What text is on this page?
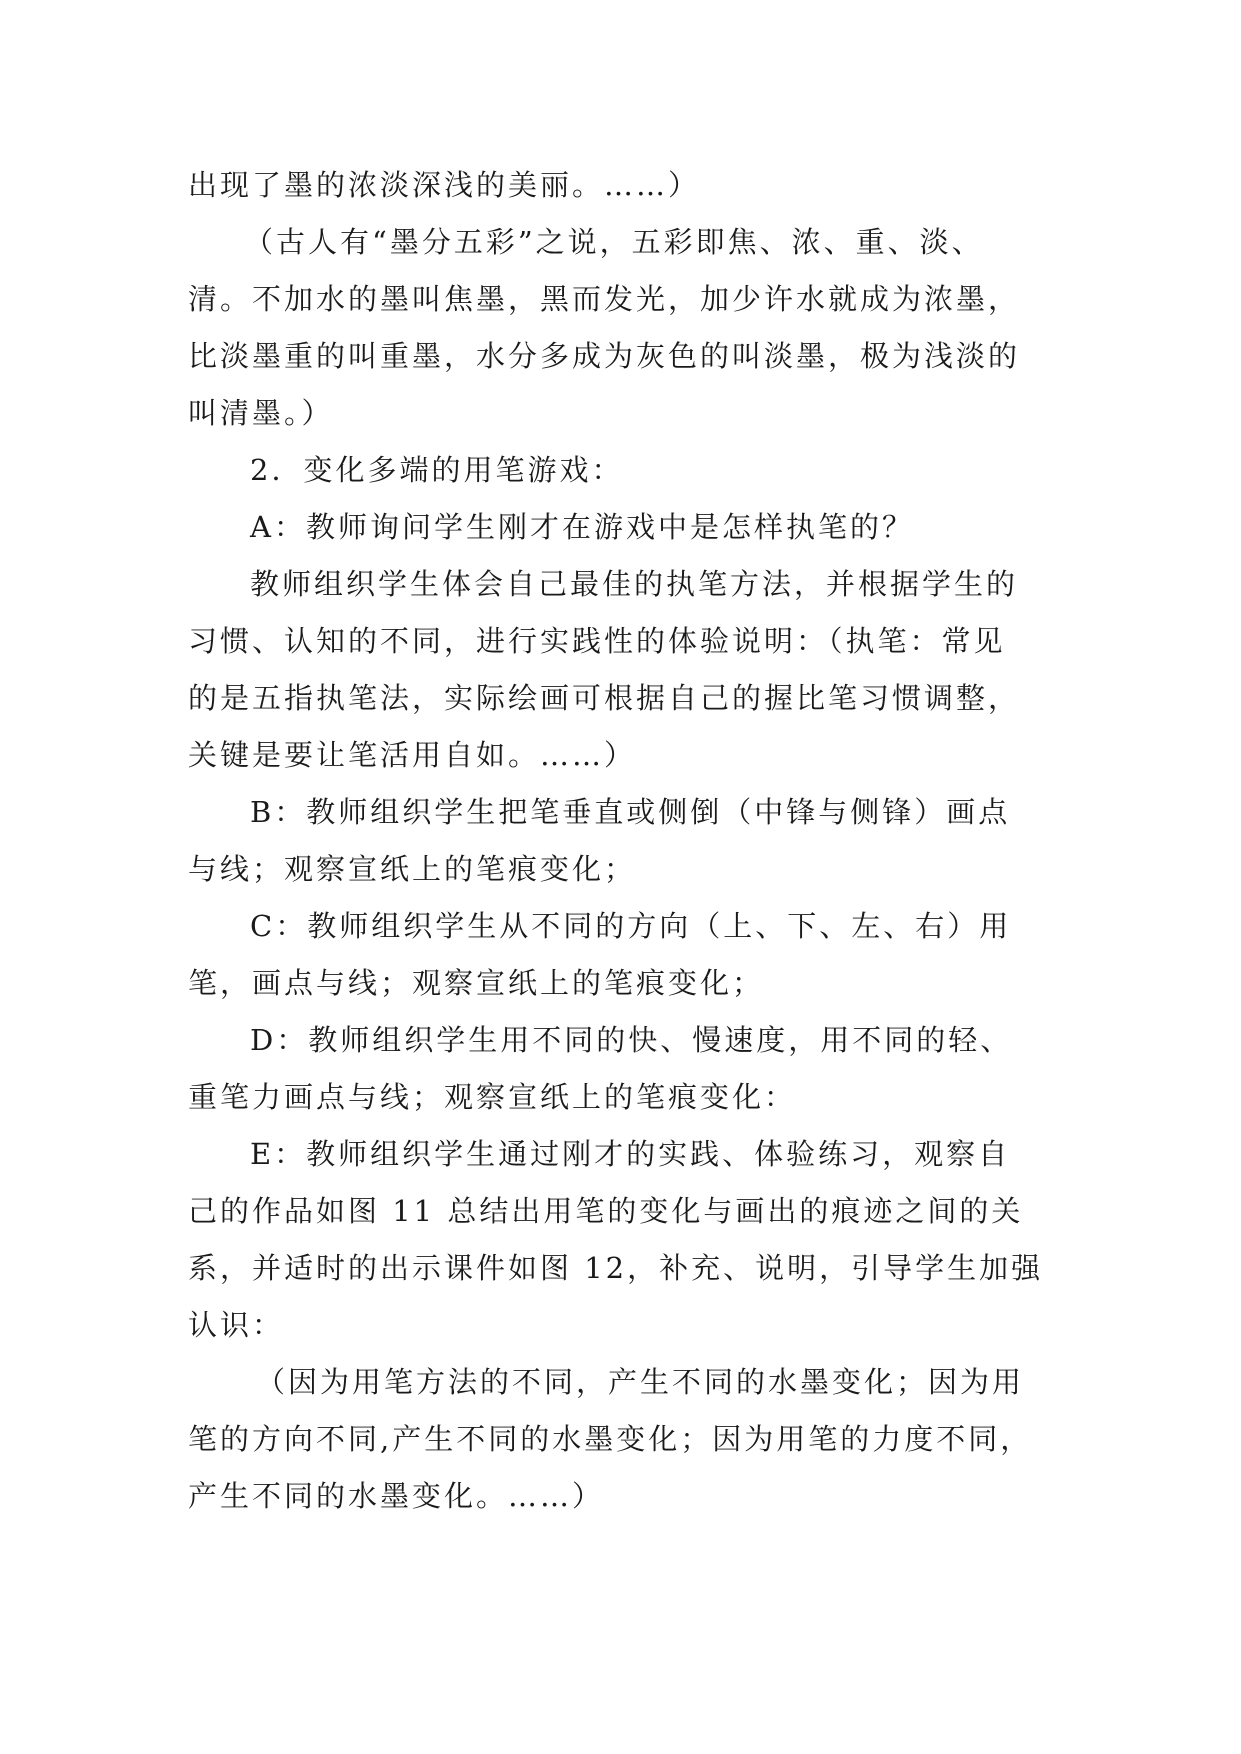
出现了墨的浓淡深浅的美丽。……）
（古人有“墨分五彩”之说，五彩即焦、浓、重、淡、
清。不加水的墨叫焦墨，黑而发光，加少许水就成为浓墨，
比淡墨重的叫重墨，水分多成为灰色的叫淡墨，极为浅淡的
叫清墨。）
2．变化多端的用笔游戏：
A：教师询问学生刚才在游戏中是怎样执笔的？
教师组织学生体会自己最佳的执笔方法，并根据学生的
习惯、认知的不同，进行实践性的体验说明：（执笔：常见
的是五指执笔法，实际绘画可根据自己的握比笔习惯调整，
关键是要让笔活用自如。……）
B：教师组织学生把笔垂直或侧倒（中锋与侧锋）画点
与线；观察宣纸上的笔痕变化；
C：教师组织学生从不同的方向（上、下、左、右）用
笔，画点与线；观察宣纸上的笔痕变化；
D：教师组织学生用不同的快、慢速度，用不同的轻、
重笔力画点与线；观察宣纸上的笔痕变化：
E：教师组织学生通过刚才的实践、体验练习，观察自
己的作品如图 11 总结出用笔的变化与画出的痕迹之间的关
系，并适时的出示课件如图 12，补充、说明，引导学生加强
认识：
（因为用笔方法的不同，产生不同的水墨变化；因为用
笔的方向不同,产生不同的水墨变化；因为用笔的力度不同，
产生不同的水墨变化。……）
